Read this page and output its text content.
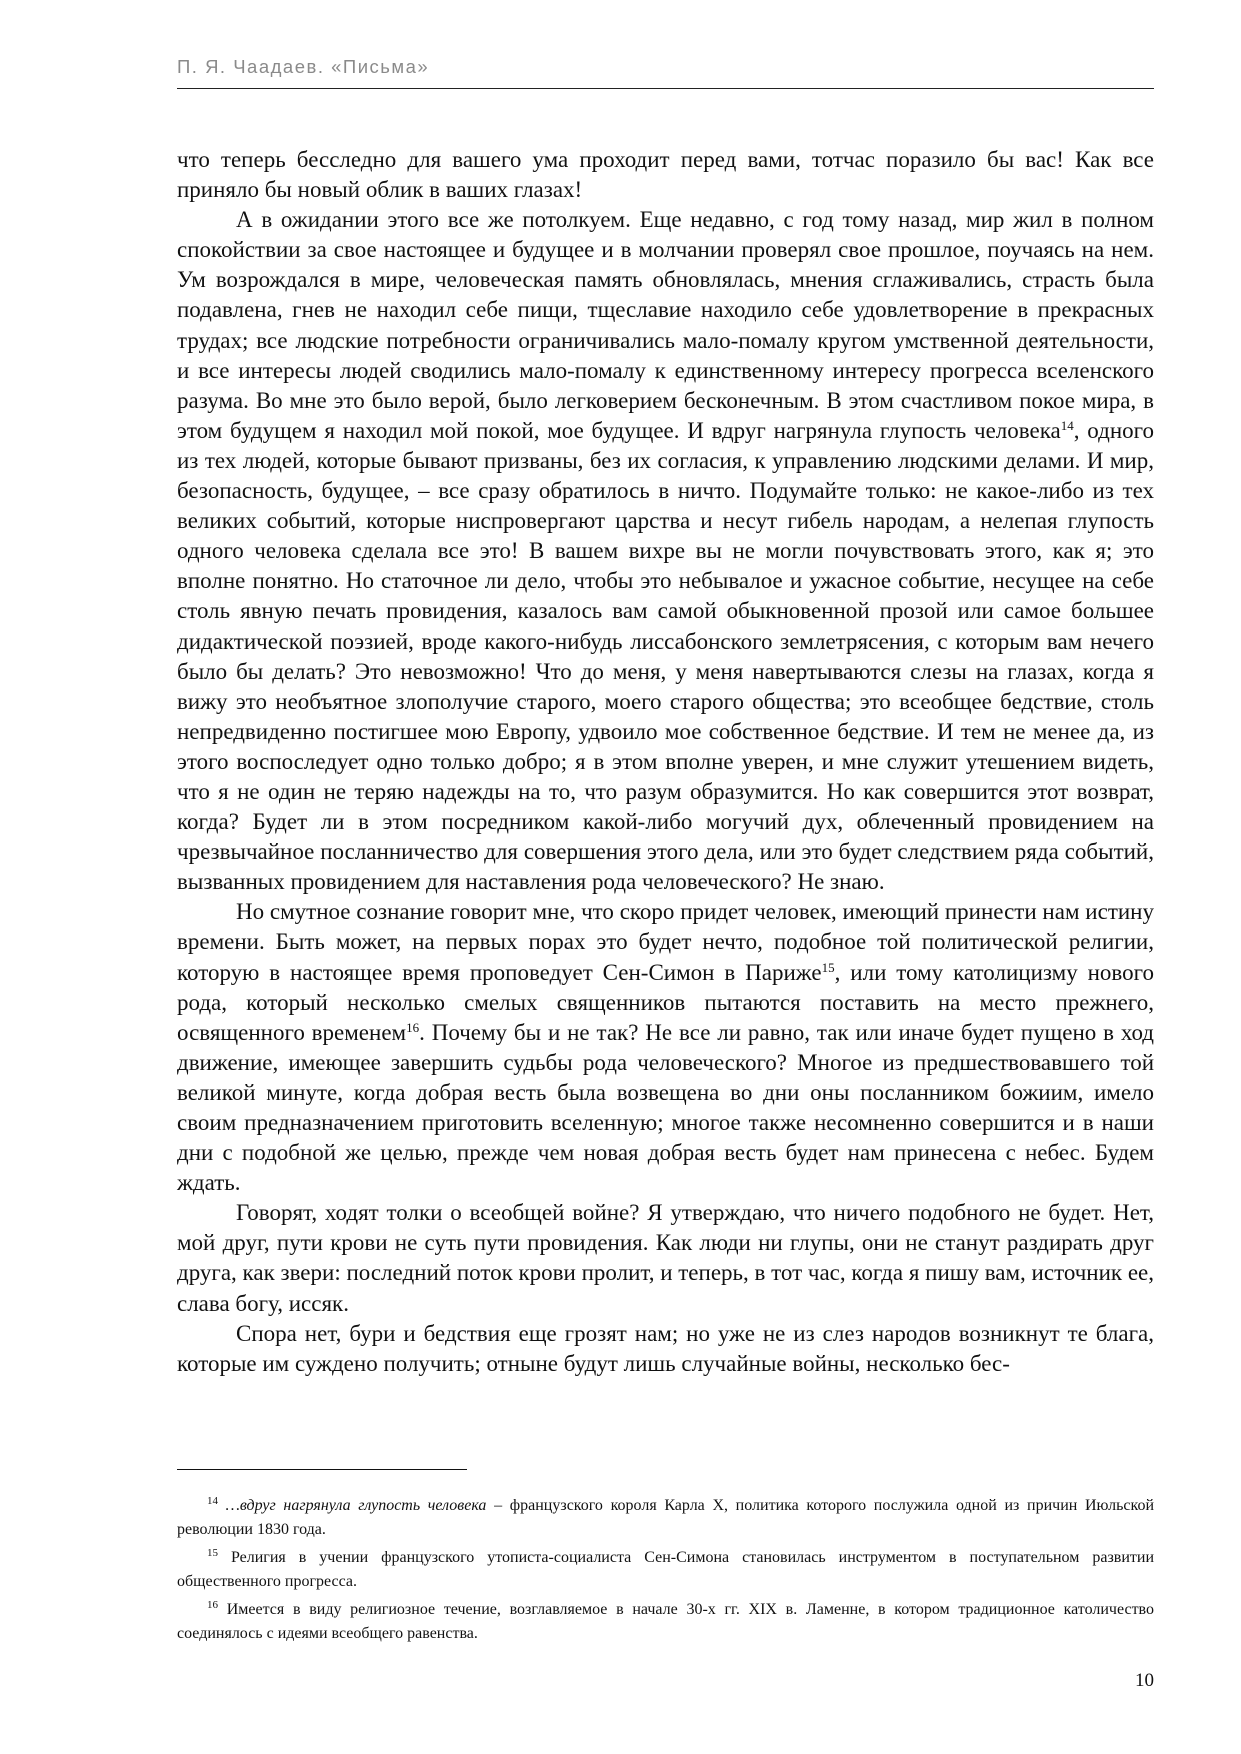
П. Я. Чаадаев. «Письма»

что теперь бесследно для вашего ума проходит перед вами, тотчас поразило бы вас! Как все приняло бы новый облик в ваших глазах!

А в ожидании этого все же потолкуем. Еще недавно, с год тому назад, мир жил в полном спокойствии за свое настоящее и будущее и в молчании проверял свое прошлое, поучаясь на нем. Ум возрождался в мире, человеческая память обновлялась, мнения сглаживались, страсть была подавлена, гнев не находил себе пищи, тщеславие находило себе удовлетворение в прекрасных трудах; все людские потребности ограничивались мало-помалу кругом умственной деятельности, и все интересы людей сводились мало-помалу к единственному интересу прогресса вселенского разума. Во мне это было верой, было легковерием бесконечным. В этом счастливом покое мира, в этом будущем я находил мой покой, мое будущее. И вдруг нагрянула глупость человека$^{14}$, одного из тех людей, которые бывают призваны, без их согласия, к управлению людскими делами. И мир, безопасность, будущее, – все сразу обратилось в ничто. Подумайте только: не какое-либо из тех великих событий, которые ниспровергают царства и несут гибель народам, а нелепая глупость одного человека сделала все это! В вашем вихре вы не могли почувствовать этого, как я; это вполне понятно. Но статочное ли дело, чтобы это небывалое и ужасное событие, несущее на себе столь явную печать провидения, казалось вам самой обыкновенной прозой или самое большее дидактической поэзией, вроде какого-нибудь лиссабонского землетрясения, с которым вам нечего было бы делать? Это невозможно! Что до меня, у меня навертываются слезы на глазах, когда я вижу это необъятное злополучие старого, моего старого общества; это всеобщее бедствие, столь непредвиденно постигшее мою Европу, удвоило мое собственное бедствие. И тем не менее да, из этого воспоследует одно только добро; я в этом вполне уверен, и мне служит утешением видеть, что я не один не теряю надежды на то, что разум образумится. Но как совершится этот возврат, когда? Будет ли в этом посредником какой-либо могучий дух, облеченный провидением на чрезвычайное посланничество для совершения этого дела, или это будет следствием ряда событий, вызванных провидением для наставления рода человеческого? Не знаю.

Но смутное сознание говорит мне, что скоро придет человек, имеющий принести нам истину времени. Быть может, на первых порах это будет нечто, подобное той политической религии, которую в настоящее время проповедует Сен-Симон в Париже$^{15}$, или тому католицизму нового рода, который несколько смелых священников пытаются поставить на место прежнего, освященного временем$^{16}$. Почему бы и не так? Не все ли равно, так или иначе будет пущено в ход движение, имеющее завершить судьбы рода человеческого? Многое из предшествовавшего той великой минуте, когда добрая весть была возвещена во дни оны посланником божиим, имело своим предназначением приготовить вселенную; многое также несомненно совершится и в наши дни с подобной же целью, прежде чем новая добрая весть будет нам принесена с небес. Будем ждать.

Говорят, ходят толки о всеобщей войне? Я утверждаю, что ничего подобного не будет. Нет, мой друг, пути крови не суть пути провидения. Как люди ни глупы, они не станут раздирать друг друга, как звери: последний поток крови пролит, и теперь, в тот час, когда я пишу вам, источник ее, слава богу, иссяк.

Спора нет, бури и бедствия еще грозят нам; но уже не из слез народов возникнут те блага, которые им суждено получить; отныне будут лишь случайные войны, несколько бес-

$^{14}$ …вдруг нагрянула глупость человека – французского короля Карла Х, политика которого послужила одной из причин Июльской революции 1830 года.

$^{15}$ Религия в учении французского утописта-социалиста Сен-Симона становилась инструментом в поступательном развитии общественного прогресса.

$^{16}$ Имеется в виду религиозное течение, возглавляемое в начале 30-х гг. XIX в. Ламенне, в котором традиционное католичество соединялось с идеями всеобщего равенства.

10
